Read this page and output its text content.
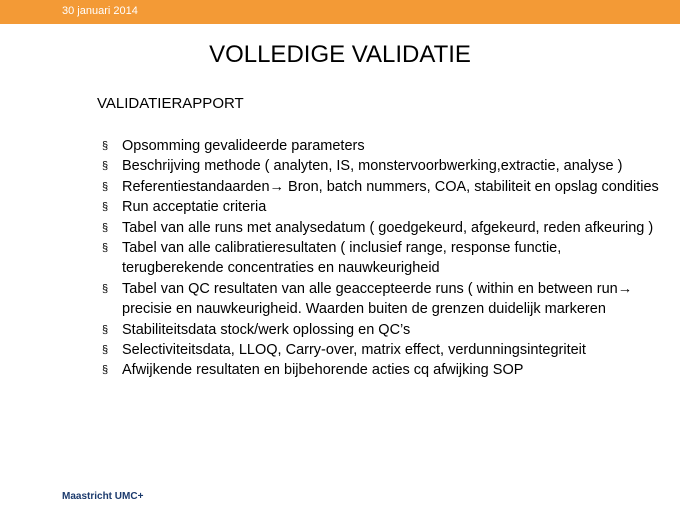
30 januari 2014
VOLLEDIGE VALIDATIE
VALIDATIERAPPORT
§ Opsomming gevalideerde parameters
§ Beschrijving methode ( analyten, IS, monstervoorbwerking,extractie, analyse )
§ Referentiestandaarden→ Bron, batch nummers, COA, stabiliteit en opslag condities
§ Run acceptatie criteria
§ Tabel van alle runs met analysedatum ( goedgekeurd, afgekeurd, reden afkeuring )
§ Tabel van alle calibratieresultaten ( inclusief range, response functie, terugberekende concentraties en nauwkeurigheid
§ Tabel van QC resultaten van alle geaccepteerde runs ( within en between run→ precisie en nauwkeurigheid. Waarden buiten de grenzen duidelijk markeren
§ Stabiliteitsdata stock/werk oplossing en QC’s
§ Selectiviteitsdata, LLOQ, Carry-over, matrix effect, verdunningsintegriteit
§ Afwijkende resultaten en bijbehorende acties cq afwijking SOP
Maastricht UMC+
